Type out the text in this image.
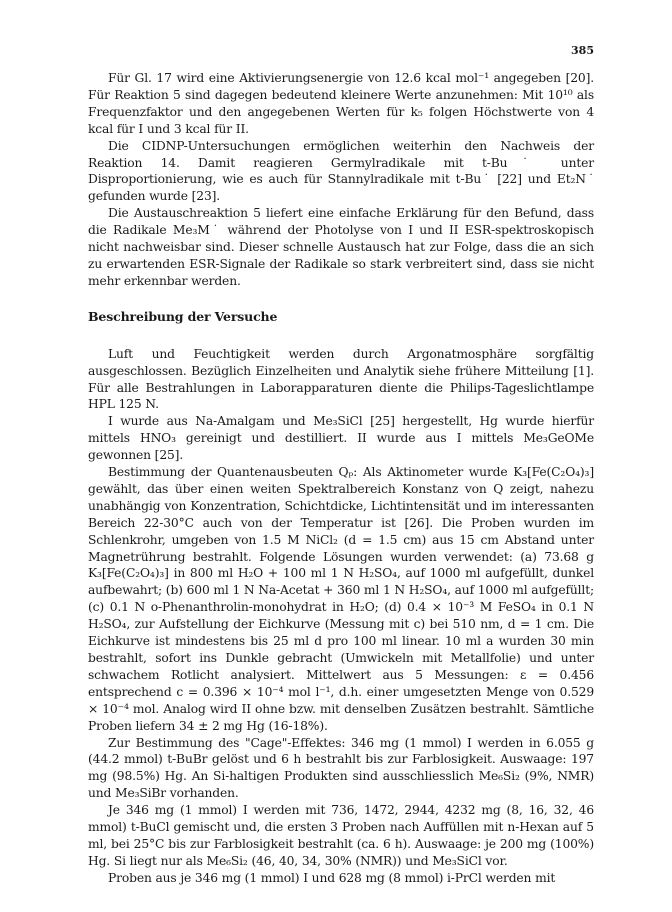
385

Für Gl. 17 wird eine Aktivierungsenergie von 12.6 kcal mol⁻¹ angegeben [20]. Für Reaktion 5 sind dagegen bedeutend kleinere Werte anzunehmen: Mit 10¹⁰ als Frequenzfaktor und den angegebenen Werten für k₅ folgen Höchstwerte von 4 kcal für I und 3 kcal für II.

Die CIDNP-Untersuchungen ermöglichen weiterhin den Nachweis der Reaktion 14. Damit reagieren Germylradikale mit t-Bu˙ unter Disproportionierung, wie es auch für Stannylradikale mit t-Bu˙ [22] und Et₂N˙ gefunden wurde [23].

Die Austauschreaktion 5 liefert eine einfache Erklärung für den Befund, dass die Radikale Me₃M˙ während der Photolyse von I und II ESR-spektroskopisch nicht nachweisbar sind. Dieser schnelle Austausch hat zur Folge, dass die an sich zu erwartenden ESR-Signale der Radikale so stark verbreitert sind, dass sie nicht mehr erkennbar werden.

Beschreibung der Versuche

Luft und Feuchtigkeit werden durch Argonatmosphäre sorgfältig ausgeschlossen. Bezüglich Einzelheiten und Analytik siehe frühere Mitteilung [1]. Für alle Bestrahlungen in Laborapparaturen diente die Philips-Tageslichtlampe HPL 125 N.

I wurde aus Na-Amalgam und Me₃SiCl [25] hergestellt, Hg wurde hierfür mittels HNO₃ gereinigt und destilliert. II wurde aus I mittels Me₃GeOMe gewonnen [25].

Bestimmung der Quantenausbeuten Qₚ: Als Aktinometer wurde K₃[Fe(C₂O₄)₃] gewählt, das über einen weiten Spektralbereich Konstanz von Q zeigt, nahezu unabhängig von Konzentration, Schichtdicke, Lichtintensität und im interessanten Bereich 22-30°C auch von der Temperatur ist [26]. Die Proben wurden im Schlenkrohr, umgeben von 1.5 M NiCl₂ (d = 1.5 cm) aus 15 cm Abstand unter Magnetrührung bestrahlt. Folgende Lösungen wurden verwendet: (a) 73.68 g K₃[Fe(C₂O₄)₃] in 800 ml H₂O + 100 ml 1 N H₂SO₄, auf 1000 ml aufgefüllt, dunkel aufbewahrt; (b) 600 ml 1 N Na-Acetat + 360 ml 1 N H₂SO₄, auf 1000 ml aufgefüllt; (c) 0.1 N o-Phenanthrolin-monohydrat in H₂O; (d) 0.4 × 10⁻³ M FeSO₄ in 0.1 N H₂SO₄, zur Aufstellung der Eichkurve (Messung mit c) bei 510 nm, d = 1 cm. Die Eichkurve ist mindestens bis 25 ml d pro 100 ml linear. 10 ml a wurden 30 min bestrahlt, sofort ins Dunkle gebracht (Umwickeln mit Metallfolie) und unter schwachem Rotlicht analysiert. Mittelwert aus 5 Messungen: ε = 0.456 entsprechend c = 0.396 × 10⁻⁴ mol l⁻¹, d.h. einer umgesetzten Menge von 0.529 × 10⁻⁴ mol. Analog wird II ohne bzw. mit denselben Zusätzen bestrahlt. Sämtliche Proben liefern 34 ± 2 mg Hg (16-18%).

Zur Bestimmung des "Cage"-Effektes: 346 mg (1 mmol) I werden in 6.055 g (44.2 mmol) t-BuBr gelöst und 6 h bestrahlt bis zur Farblosigkeit. Auswaage: 197 mg (98.5%) Hg. An Si-haltigen Produkten sind ausschliesslich Me₆Si₂ (9%, NMR) und Me₃SiBr vorhanden.

Je 346 mg (1 mmol) I werden mit 736, 1472, 2944, 4232 mg (8, 16, 32, 46 mmol) t-BuCl gemischt und, die ersten 3 Proben nach Auffüllen mit n-Hexan auf 5 ml, bei 25°C bis zur Farblosigkeit bestrahlt (ca. 6 h). Auswaage: je 200 mg (100%) Hg. Si liegt nur als Me₆Si₂ (46, 40, 34, 30% (NMR)) und Me₃SiCl vor.

Proben aus je 346 mg (1 mmol) I und 628 mg (8 mmol) i-PrCl werden mit
